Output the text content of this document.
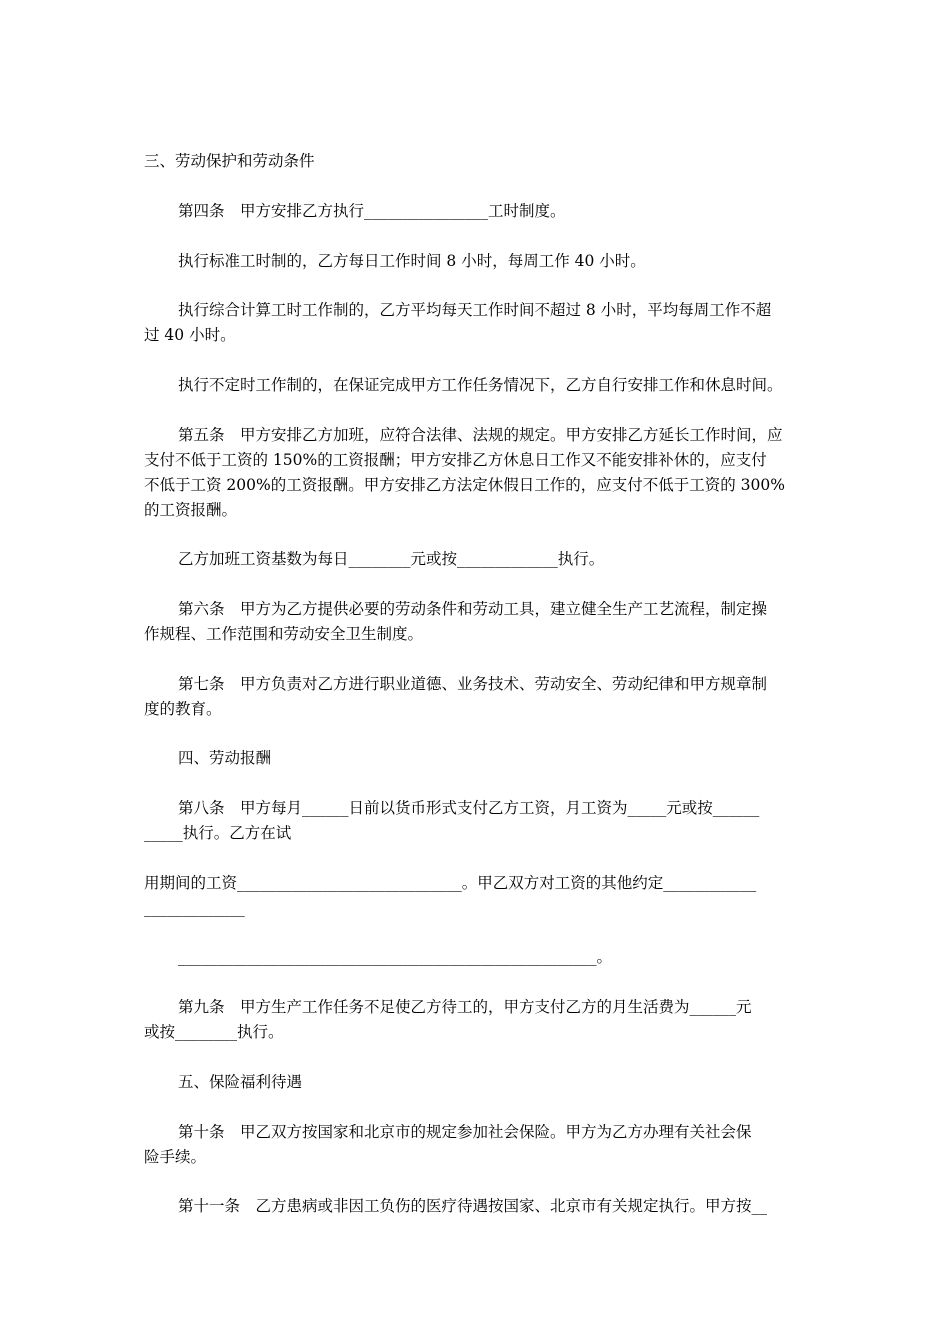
三、劳动保护和劳动条件
第四条　甲方安排乙方执行________________工时制度。
执行标准工时制的，乙方每日工作时间 8 小时，每周工作 40 小时。
执行综合计算工时工作制的，乙方平均每天工作时间不超过 8 小时，平均每周工作不超
过 40 小时。
执行不定时工作制的，在保证完成甲方工作任务情况下，乙方自行安排工作和休息时间。
第五条　甲方安排乙方加班，应符合法律、法规的规定。甲方安排乙方延长工作时间，应
支付不低于工资的 150%的工资报酬；甲方安排乙方休息日工作又不能安排补休的，应支付
不低于工资 200%的工资报酬。甲方安排乙方法定休假日工作的，应支付不低于工资的 300%
的工资报酬。
乙方加班工资基数为每日________元或按_____________执行。
第六条　甲方为乙方提供必要的劳动条件和劳动工具，建立健全生产工艺流程，制定操
作规程、工作范围和劳动安全卫生制度。
第七条　甲方负责对乙方进行职业道德、业务技术、劳动安全、劳动纪律和甲方规章制
度的教育。
四、劳动报酬
第八条　甲方每月______日前以货币形式支付乙方工资，月工资为_____元或按______
_____执行。乙方在试
用期间的工资_____________________________。甲乙双方对工资的其他约定____________
_____________
______________________________________________________。
第九条　甲方生产工作任务不足使乙方待工的，甲方支付乙方的月生活费为______元
或按________执行。
五、保险福利待遇
第十条　甲乙双方按国家和北京市的规定参加社会保险。甲方为乙方办理有关社会保
险手续。
第十一条　乙方患病或非因工负伤的医疗待遇按国家、北京市有关规定执行。甲方按__
